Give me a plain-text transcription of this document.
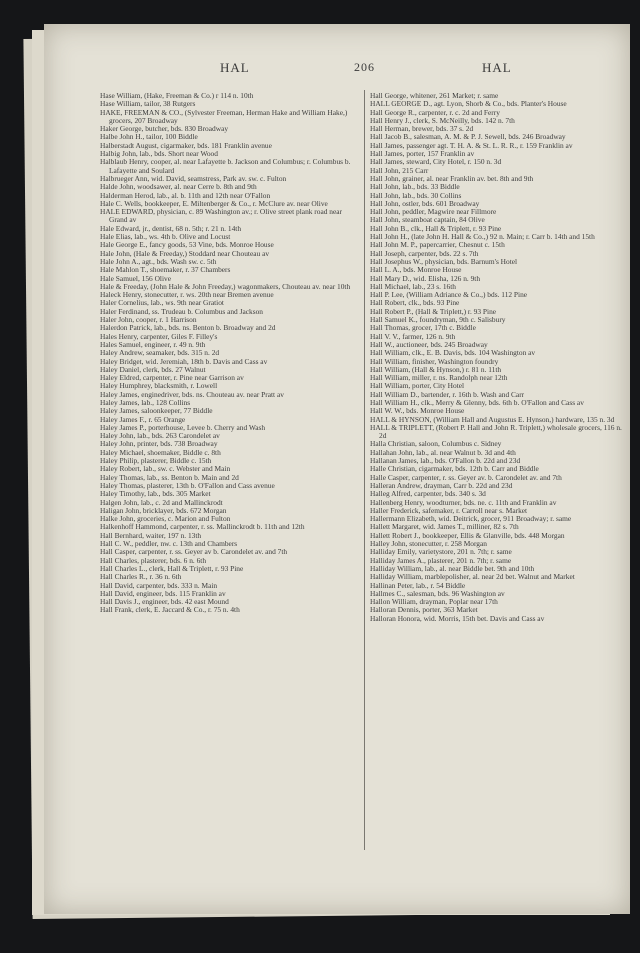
HAL	206	HAL
Hase William, (Hake, Freeman & Co.) r 114 n. 10th
Hase William, tailor, 38 Rutgers
HAKE, FREEMAN & CO., (Sylvester Freeman, Herman Hake and William Hake,) grocers, 207 Broadway
Haker George, butcher, bds. 830 Broadway
Halbe John H., tailor, 100 Biddle
Halberstadt August, cigarmaker, bds. 181 Franklin avenue
Halbig John, lab., bds. Short near Wood
Halblaub Henry, cooper, al. near Lafayette b. Jackson and Columbus; r. Columbus b. Lafayette and Soulard
Halbrueger Ann, wid. David, seamstress, Park av. sw. c. Fulton
Halde John, woodsawer, al. near Cerre b. 8th and 9th
Halderman Herod, lab., al. b. 11th and 12th near O'Fallon
Hale C. Wells, bookkeeper, E. Miltenberger & Co., r. McClure av. near Olive
HALE EDWARD, physician, c. 89 Washington av.; r. Olive street plank road near Grand av
Hale Edward, jr., dentist, 68 n. 5th; r. 21 n. 14th
Hale Elias, lab., ws. 4th b. Olive and Locust
Hale George E., fancy goods, 53 Vine, bds. Monroe House
Hale John, (Hale & Freeday,) Stoddard near Chouteau av
Hale John A., agt., bds. Wash sw. c. 5th
Hale Mahlon T., shoemaker, r. 37 Chambers
Hale Samuel, 156 Olive
Hale & Freeday, (John Hale & John Freeday,) wagonmakers, Chouteau av. near 10th
Haleck Henry, stonecutter, r. ws. 20th near Bremen avenue
Haler Cornelius, lab., ws. 9th near Gratiot
Haler Ferdinand, ss. Trudeau b. Columbus and Jackson
Haler John, cooper, r. 1 Harrison
Halerdon Patrick, lab., bds. ns. Benton b. Broadway and 2d
Hales Henry, carpenter, Giles F. Filley's
Hales Samuel, engineer, r. 49 n. 9th
Haley Andrew, seamaker, bds. 315 n. 2d
Haley Bridget, wid. Jeremiah, 18th b. Davis and Cass av
Haley Daniel, clerk, bds. 27 Walnut
Haley Eldred, carpenter, r. Pine near Garrison av
Haley Humphrey, blacksmith, r. Lowell
Haley James, enginedriver, bds. ns. Chouteau av. near Pratt av
Haley James, lab., 128 Collins
Haley James, saloonkeeper, 77 Biddle
Haley James F., r. 65 Orange
Haley James P., porterhouse, Levee b. Cherry and Wash
Haley John, lab., bds. 263 Carondelet av
Haley John, printer, bds. 738 Broadway
Haley Michael, shoemaker, Biddle c. 8th
Haley Philip, plasterer, Biddle c. 15th
Haley Robert, lab., sw. c. Webster and Main
Haley Thomas, lab., ss. Benton b. Main and 2d
Haley Thomas, plasterer, 13th b. O'Fallon and Cass avenue
Haley Timothy, lab., bds. 305 Market
Halgen John, lab., c. 2d and Mallinckrodt
Haligan John, bricklayer, bds. 672 Morgan
Halke John, groceries, c. Marion and Fulton
Halkenhoff Hammond, carpenter, r. ss. Mallinckrodt b. 11th and 12th
Hall Bernhard, waiter, 197 n. 13th
Hall C. W., peddler, nw. c. 13th and Chambers
Hall Casper, carpenter, r. ss. Geyer av b. Carondelet av. and 7th
Hall Charles, plasterer, bds. 6 n. 6th
Hall Charles L., clerk, Hall & Triplett, r. 93 Pine
Hall Charles R., r. 36 n. 6th
Hall David, carpenter, bds. 333 n. Main
Hall David, engineer, bds. 115 Franklin av
Hall Davis J., engineer, bds. 42 east Mound
Hall Frank, clerk, E. Jaccard & Co., r. 75 n. 4th
Hall George, whitener, 261 Market; r. same
HALL GEORGE D., agt. Lyon, Shorb & Co., bds. Planter's House
Hall George R., carpenter, r. c. 2d and Ferry
Hall Henry J., clerk, S. McNeilly, bds. 142 n. 7th
Hall Herman, brewer, bds. 37 s. 2d
Hall Jacob B., salesman, A. M. & P. J. Sewell, bds. 246 Broadway
Hall James, passenger agt. T. H. A. & St. L. R. R., r. 159 Franklin av
Hall James, porter, 157 Franklin av
Hall James, steward, City Hotel, r. 150 n. 3d
Hall John, 215 Carr
Hall John, grainer, al. near Franklin av. bet. 8th and 9th
Hall John, lab., bds. 33 Biddle
Hall John, lab., bds. 30 Collins
Hall John, ostler, bds. 601 Broadway
Hall John, peddler, Magwire near Fillmore
Hall John, steamboat captain, 84 Olive
Hall John B., clk., Hall & Triplett, r. 93 Pine
Hall John H., (late John H. Hall & Co.,) 92 n. Main; r. Carr b. 14th and 15th
Hall John M. P., papercarrier, Chesnut c. 15th
Hall Joseph, carpenter, bds. 22 s. 7th
Hall Josephus W., physician, bds. Barnum's Hotel
Hall L. A., bds. Monroe House
Hall Mary D., wid. Elisha, 126 n. 9th
Hall Michael, lab., 23 s. 16th
Hall P. Lee, (William Adriance & Co.,) bds. 112 Pine
Hall Robert, clk., bds. 93 Pine
Hall Robert P., (Hall & Triplett,) r. 93 Pine
Hall Samuel K., foundryman, 9th c. Salisbury
Hall Thomas, grocer, 17th c. Biddle
Hall V. V., farmer, 126 n. 9th
Hall W., auctioneer, bds. 245 Broadway
Hall William, clk., E. B. Davis, bds. 104 Washington av
Hall William, finisher, Washington foundry
Hall William, (Hall & Hynson,) r. 81 n. 11th
Hall William, miller, r. ns. Randolph near 12th
Hall William, porter, City Hotel
Hall William D., bartender, r. 16th b. Wash and Carr
Hall William H., clk., Merry & Glenny, bds. 6th b. O'Fallon and Cass av
Hall W. W., bds. Monroe House
HALL & HYNSON, (William Hall and Augustus E. Hynson,) hardware, 135 n. 3d
HALL & TRIPLETT, (Robert P. Hall and John R. Triplett,) wholesale grocers, 116 n. 2d
Halla Christian, saloon, Columbus c. Sidney
Hallahan John, lab., al. near Walnut b. 3d and 4th
Hallanan James, lab., bds. O'Fallon b. 22d and 23d
Halle Christian, cigarmaker, bds. 12th b. Carr and Biddle
Halle Casper, carpenter, r. ss. Geyer av. b. Carondelet av. and 7th
Halleran Andrew, drayman, Carr b. 22d and 23d
Halleg Alfred, carpenter, bds. 340 s. 3d
Hallenberg Henry, woodturner, bds. ne. c. 11th and Franklin av
Haller Frederick, safemaker, r. Carroll near s. Market
Hallermann Elizabeth, wid. Deitrick, grocer, 911 Broadway; r. same
Hallett Margaret, wid. James T., milliner, 82 s. 7th
Hallett Robert J., bookkeeper, Ellis & Glanville, bds. 448 Morgan
Halley John, stonecutter, r. 258 Morgan
Halliday Emily, varietystore, 201 n. 7th; r. same
Halliday James A., plasterer, 201 n. 7th; r. same
Halliday William, lab., al. near Biddle bet. 9th and 10th
Halliday William, marblepolisher, al. near 2d bet. Walnut and Market
Hallinan Peter, lab., r. 54 Biddle
Hallmes C., salesman, bds. 96 Washington av
Hallon William, drayman, Poplar near 17th
Halloran Dennis, porter, 363 Market
Halloran Honora, wid. Morris, 15th bet. Davis and Cass av
